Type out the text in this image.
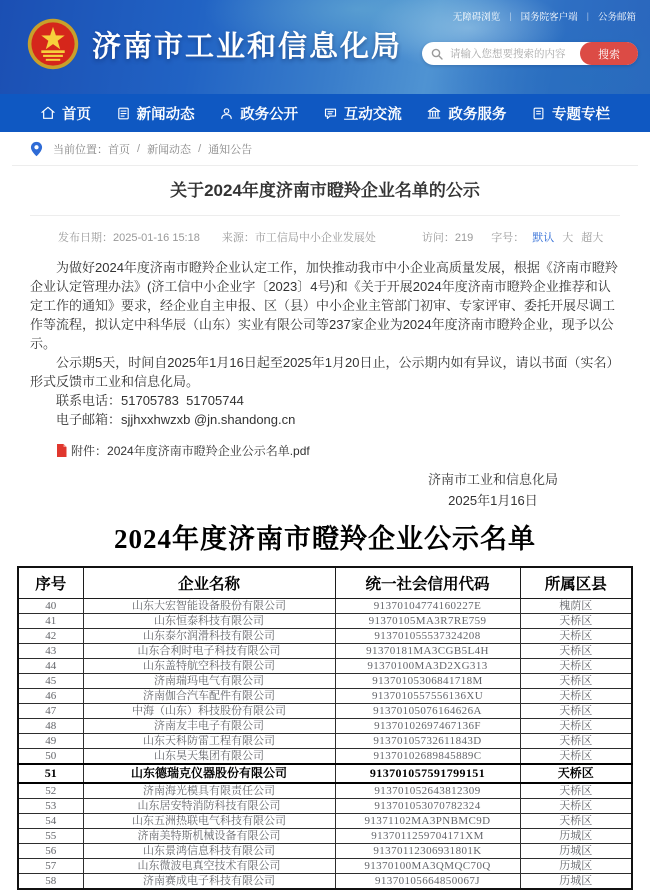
无障碍浏览 | 国务院客户端 | 公务邮箱
济南市工业和信息化局
请输入您想要搜索的内容	搜索
首页	新闻动态	政务公开	互动交流	政务服务	专题专栏
当前位置： 首页 / 新闻动态 / 通知公告
关于2024年度济南市瞪羚企业名单的公示
发布日期：2025-01-16 15:18 来源：市工信局中小企业发展处	访问：219 字号： 默认 大 超大

为做好2024年度济南市瞪羚企业认定工作，加快推动我市中小企业高质量发展，根据《济南市瞪羚企业认定管理办法》(济工信中小企业字〔2023〕4号)和《关于开展2024年度济南市瞪羚企业推荐和认定工作的通知》要求，经企业自主申报、区（县）中小企业主管部门初审、专家评审、委托开展尽调工作等流程，拟认定中科华辰（山东）实业有限公司等237家企业为2024年度济南市瞪羚企业，现予以公示。

公示期5天，时间自2025年1月16日起至2025年1月20日止，公示期内如有异议，请以书面（实名）形式反馈市工业和信息化局。

联系电话：51705783  51705744

电子邮箱：sjjhxxhwzxb @jn.shandong.cn

附件： 2024年度济南市瞪羚企业公示名单.pdf
济南市工业和信息化局
2025年1月16日
2024年度济南市瞪羚企业公示名单
序号	企业名称	统一社会信用代码	所属区县
40	山东大宏智能设备股份有限公司	91370104774160227E	槐荫区
41	山东恒泰科技有限公司	91370105MA3R7RE759	天桥区
42	山东泰尔润滑科技有限公司	913701055537324208	天桥区
43	山东合利时电子科技有限公司	91370181MA3CGB5L4H	天桥区
44	山东盖特航空科技有限公司	91370100MA3D2XG313	天桥区
45	济南瑞玛电气有限公司	91370105306841718M	天桥区
46	济南伽合汽车配件有限公司	9137010557556136XU	天桥区
47	中海（山东）科技股份有限公司	91370105076164626A	天桥区
48	济南友丰电子有限公司	91370102697467136F	天桥区
49	山东天科防雷工程有限公司	91370105732611843D	天桥区
50	山东昊天集团有限公司	91370102689845889C	天桥区
51	山东德瑞克仪器股份有限公司	913701057591799151	天桥区
52	济南海光模具有限责任公司	913701052643812309	天桥区
53	山东居安特消防科技有限公司	913701053070782324	天桥区
54	山东五洲热联电气科技有限公司	91371102MA3PNBMC9D	天桥区
55	济南美特斯机械设备有限公司	9137011259704171XM	历城区
56	山东景鸿信息科技有限公司	91370112306931801K	历城区
57	山东微波电真空技术有限公司	91370100MA3QMQC70Q	历城区
58	济南赛成电子科技有限公司	91370105664850067J	历城区
